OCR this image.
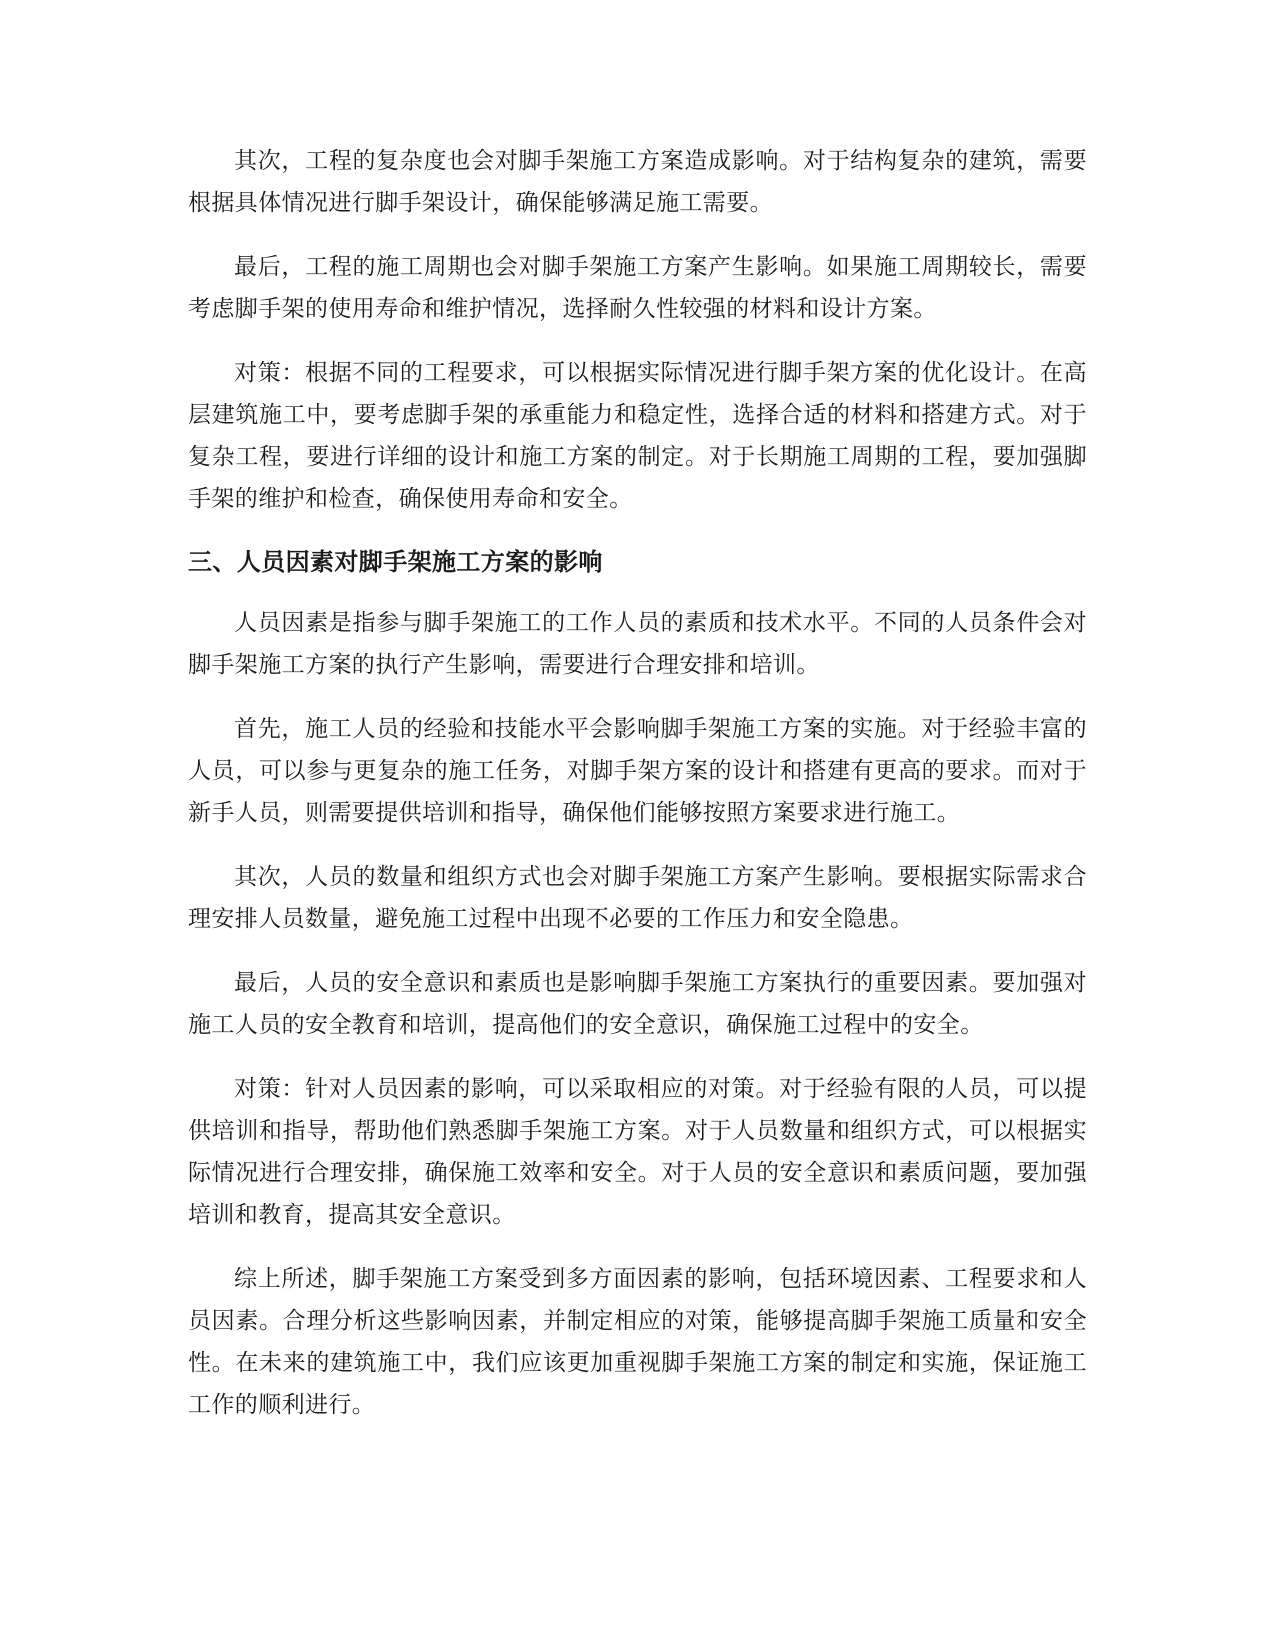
其次，工程的复杂度也会对脚手架施工方案造成影响。对于结构复杂的建筑，需要根据具体情况进行脚手架设计，确保能够满足施工需要。

最后，工程的施工周期也会对脚手架施工方案产生影响。如果施工周期较长，需要考虑脚手架的使用寿命和维护情况，选择耐久性较强的材料和设计方案。

对策：根据不同的工程要求，可以根据实际情况进行脚手架方案的优化设计。在高层建筑施工中，要考虑脚手架的承重能力和稳定性，选择合适的材料和搭建方式。对于复杂工程，要进行详细的设计和施工方案的制定。对于长期施工周期的工程，要加强脚手架的维护和检查，确保使用寿命和安全。

三、人员因素对脚手架施工方案的影响

人员因素是指参与脚手架施工的工作人员的素质和技术水平。不同的人员条件会对脚手架施工方案的执行产生影响，需要进行合理安排和培训。

首先，施工人员的经验和技能水平会影响脚手架施工方案的实施。对于经验丰富的人员，可以参与更复杂的施工任务，对脚手架方案的设计和搭建有更高的要求。而对于新手人员，则需要提供培训和指导，确保他们能够按照方案要求进行施工。

其次，人员的数量和组织方式也会对脚手架施工方案产生影响。要根据实际需求合理安排人员数量，避免施工过程中出现不必要的工作压力和安全隐患。

最后，人员的安全意识和素质也是影响脚手架施工方案执行的重要因素。要加强对施工人员的安全教育和培训，提高他们的安全意识，确保施工过程中的安全。

对策：针对人员因素的影响，可以采取相应的对策。对于经验有限的人员，可以提供培训和指导，帮助他们熟悉脚手架施工方案。对于人员数量和组织方式，可以根据实际情况进行合理安排，确保施工效率和安全。对于人员的安全意识和素质问题，要加强培训和教育，提高其安全意识。

综上所述，脚手架施工方案受到多方面因素的影响，包括环境因素、工程要求和人员因素。合理分析这些影响因素，并制定相应的对策，能够提高脚手架施工质量和安全性。在未来的建筑施工中，我们应该更加重视脚手架施工方案的制定和实施，保证施工工作的顺利进行。
